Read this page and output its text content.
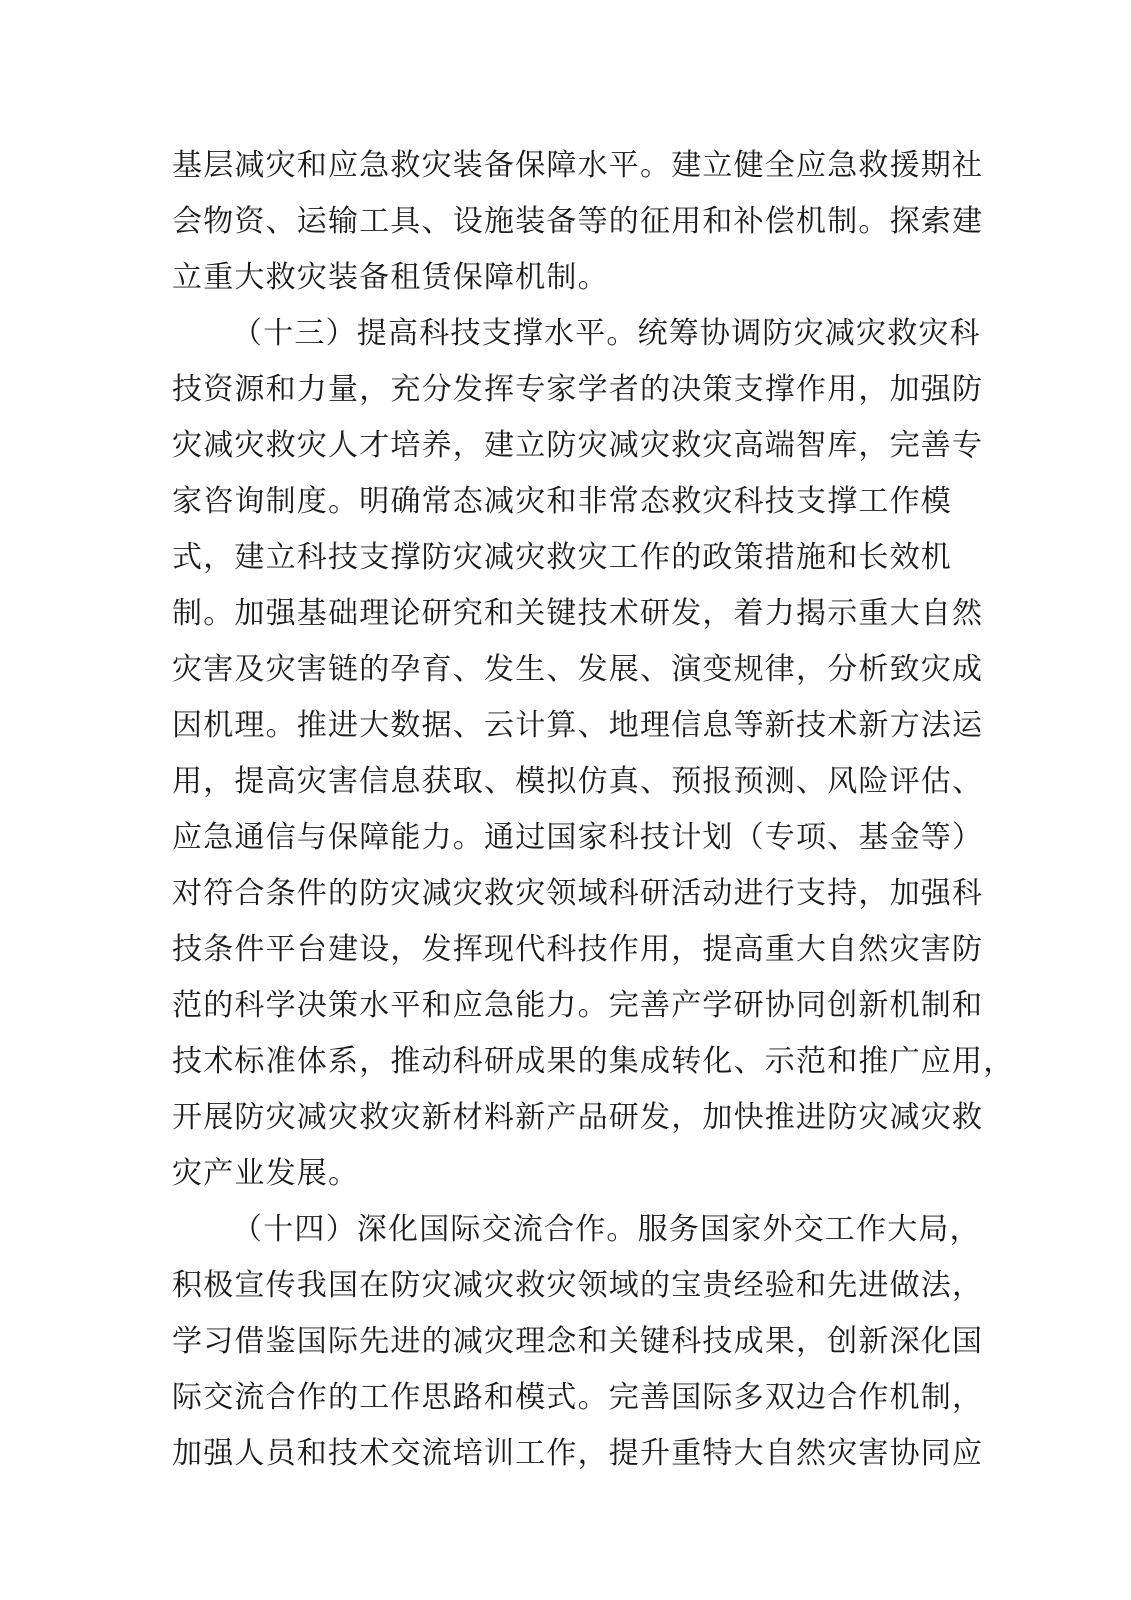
基层减灾和应急救灾装备保障水平。建立健全应急救援期社
会物资、运输工具、设施装备等的征用和补偿机制。探索建
立重大救灾装备租赁保障机制。
（十三）提高科技支撑水平。统筹协调防灾减灾救灾科
技资源和力量，充分发挥专家学者的决策支撑作用，加强防
灾减灾救灾人才培养，建立防灾减灾救灾高端智库，完善专
家咨询制度。明确常态减灾和非常态救灾科技支撑工作模
式，建立科技支撑防灾减灾救灾工作的政策措施和长效机
制。加强基础理论研究和关键技术研发，着力揭示重大自然
灾害及灾害链的孕育、发生、发展、演变规律，分析致灾成
因机理。推进大数据、云计算、地理信息等新技术新方法运
用，提高灾害信息获取、模拟仿真、预报预测、风险评估、
应急通信与保障能力。通过国家科技计划（专项、基金等）
对符合条件的防灾减灾救灾领域科研活动进行支持，加强科
技条件平台建设，发挥现代科技作用，提高重大自然灾害防
范的科学决策水平和应急能力。完善产学研协同创新机制和
技术标准体系，推动科研成果的集成转化、示范和推广应用，
开展防灾减灾救灾新材料新产品研发，加快推进防灾减灾救
灾产业发展。
（十四）深化国际交流合作。服务国家外交工作大局，
积极宣传我国在防灾减灾救灾领域的宝贵经验和先进做法，
学习借鉴国际先进的减灾理念和关键科技成果，创新深化国
际交流合作的工作思路和模式。完善国际多双边合作机制，
加强人员和技术交流培训工作，提升重特大自然灾害协同应
